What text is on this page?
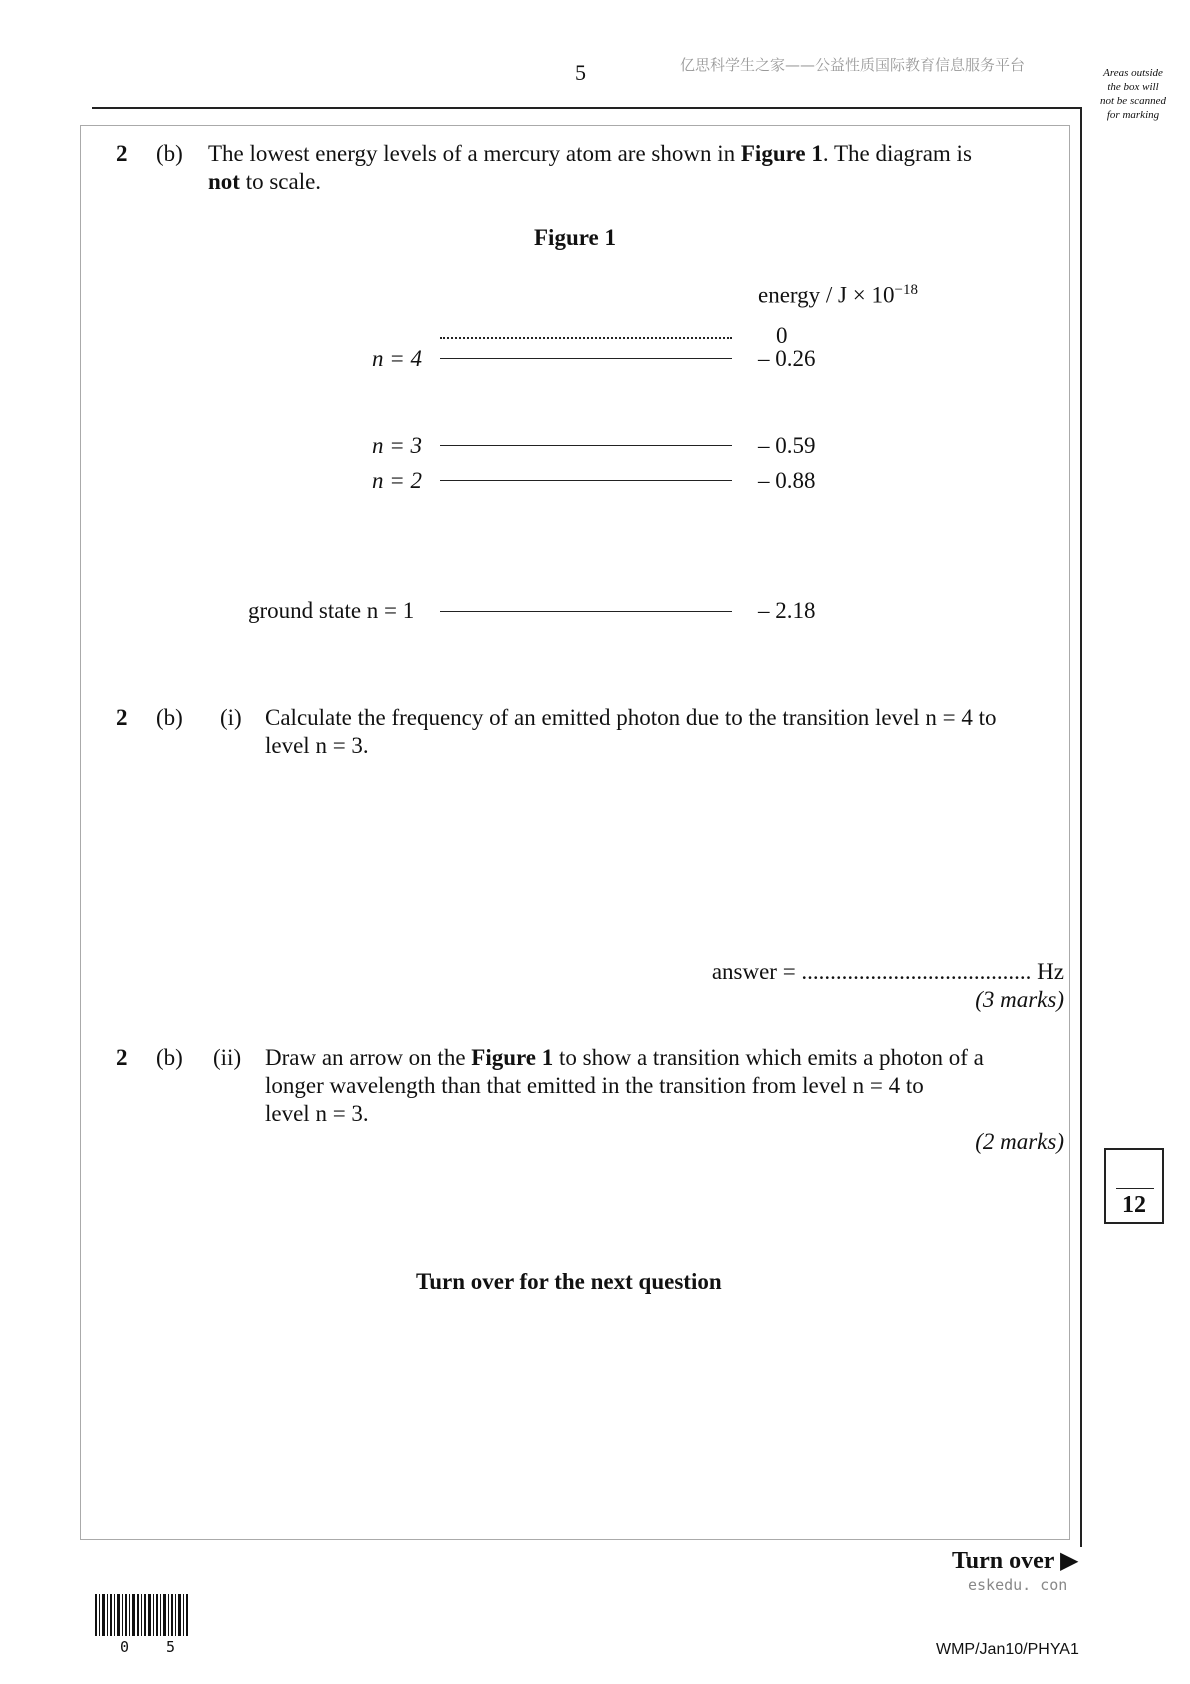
5	亿思科学生之家——公益性质国际教育信息服务平台	Areas outside
the box will
not be scanned
for marking
2 (b) The lowest energy levels of a mercury atom are shown in Figure 1. The diagram is
not to scale.
Figure 1
energy / $J \times 10^{-18}$
0
n = 4	– 0.26
n = 3	– 0.59
n = 2	– 0.88
ground state n = 1	– 2.18
2 (b) (i) Calculate the frequency of an emitted photon due to the transition level n = 4 to
level n = 3.
answer = ........................................ Hz
(3 marks)
2 (b) (ii) Draw an arrow on the Figure 1 to show a transition which emits a photon of a
longer wavelength than that emitted in the transition from level n = 4 to
level n = 3.
(2 marks)
Turn over for the next question
12
Turn over ▶
eskedu. con
0 5	WMP/Jan10/PHYA1
